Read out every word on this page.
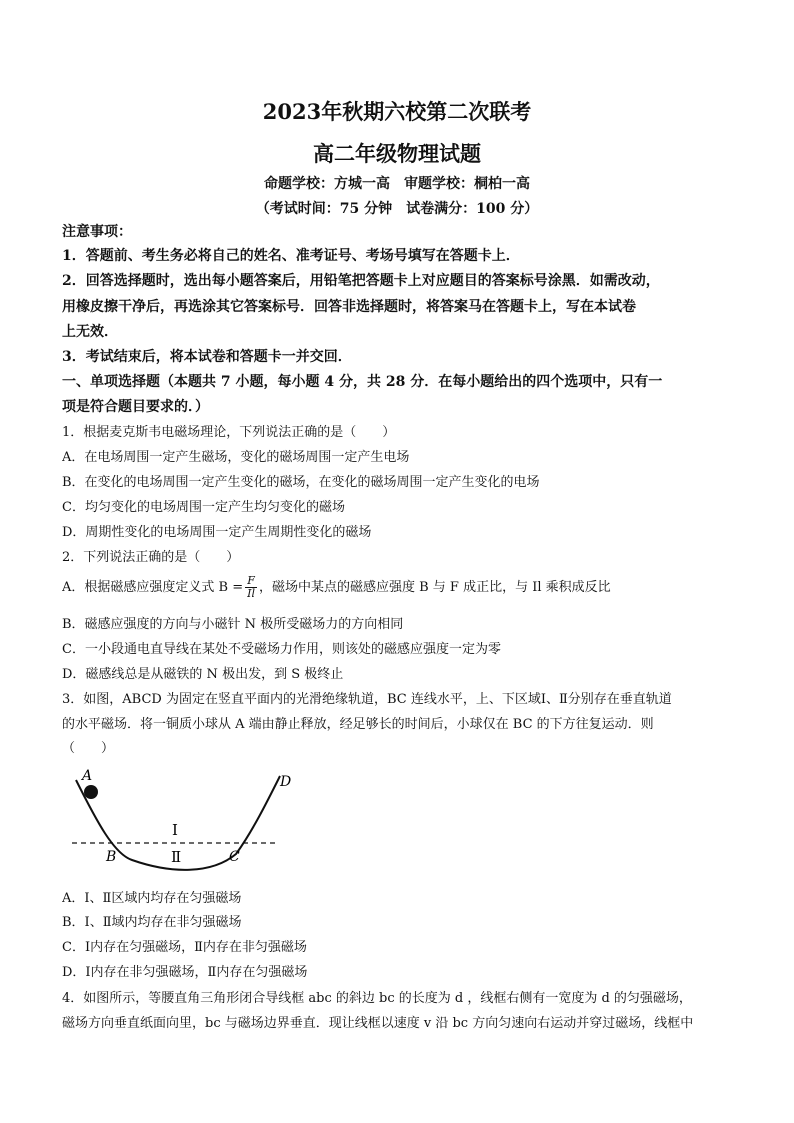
2023年秋期六校第二次联考
高二年级物理试题
命题学校：方城一高　审题学校：桐柏一高
（考试时间：75 分钟　试卷满分：100 分）
注意事项：
1．答题前、考生务必将自己的姓名、准考证号、考场号填写在答题卡上．
2．回答选择题时，选出每小题答案后，用铅笔把答题卡上对应题目的答案标号涂黑．如需改动，
用橡皮擦干净后，再选涂其它答案标号．回答非选择题时，将答案马在答题卡上，写在本试卷
上无效．
3．考试结束后，将本试卷和答题卡一并交回．
一、单项选择题（本题共 7 小题，每小题 4 分，共 28 分．在每小题给出的四个选项中，只有一
项是符合题目要求的．）
1．根据麦克斯韦电磁场理论，下列说法正确的是（　　）
A．在电场周围一定产生磁场，变化的磁场周围一定产生电场
B．在变化的电场周围一定产生变化的磁场，在变化的磁场周围一定产生变化的电场
C．均匀变化的电场周围一定产生均匀变化的磁场
D．周期性变化的电场周围一定产生周期性变化的磁场
2．下列说法正确的是（　　）
A．根据磁感应强度定义式 $B = \frac{F}{Il}$ ，磁场中某点的磁感应强度 B 与 F 成正比，与 Il 乘积成反比
B．磁感应强度的方向与小磁针 N 极所受磁场力的方向相同
C．一小段通电直导线在某处不受磁场力作用，则该处的磁感应强度一定为零
D．磁感线总是从磁铁的 N 极出发，到 S 极终止
3．如图，ABCD 为固定在竖直平面内的光滑绝缘轨道，BC 连线水平，上、下区域Ⅰ、Ⅱ分别存在垂直轨道
的水平磁场．将一铜质小球从 A 端由静止释放，经足够长的时间后，小球仅在 BC 的下方往复运动．则
（　　）
A
B	C
D
Ⅰ
Ⅱ
A．Ⅰ、Ⅱ区域内均存在匀强磁场
B．Ⅰ、Ⅱ域内均存在非匀强磁场
C．Ⅰ内存在匀强磁场，Ⅱ内存在非匀强磁场
D．Ⅰ内存在非匀强磁场，Ⅱ内存在匀强磁场
4．如图所示，等腰直角三角形闭合导线框 abc 的斜边 bc 的长度为 d ，线框右侧有一宽度为 d 的匀强磁场，
磁场方向垂直纸面向里，bc 与磁场边界垂直．现让线框以速度 v 沿 bc 方向匀速向右运动并穿过磁场，线框中
